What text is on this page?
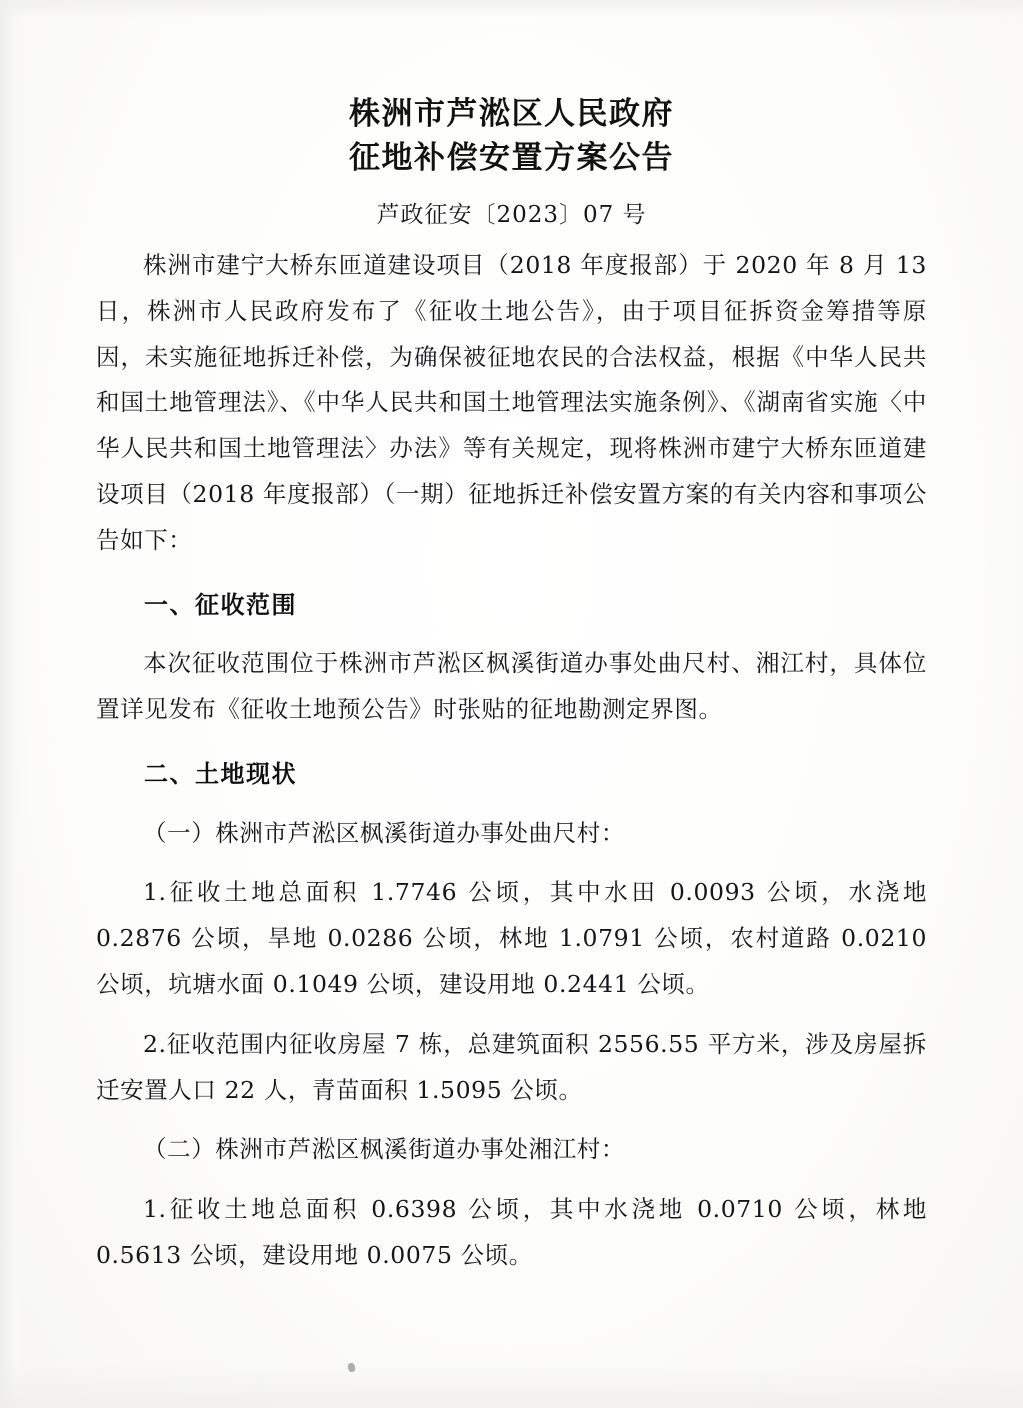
株洲市芦淞区人民政府
征地补偿安置方案公告
芦政征安〔2023〕07 号

株洲市建宁大桥东匝道建设项目（2018 年度报部）于 2020 年 8 月 13 日，株洲市人民政府发布了《征收土地公告》，由于项目征拆资金筹措等原因，未实施征地拆迁补偿，为确保被征地农民的合法权益，根据《中华人民共和国土地管理法》、《中华人民共和国土地管理法实施条例》、《湖南省实施〈中华人民共和国土地管理法〉办法》等有关规定，现将株洲市建宁大桥东匝道建设项目（2018 年度报部）（一期）征地拆迁补偿安置方案的有关内容和事项公告如下：

一、征收范围

本次征收范围位于株洲市芦淞区枫溪街道办事处曲尺村、湘江村，具体位置详见发布《征收土地预公告》时张贴的征地勘测定界图。

二、土地现状

（一）株洲市芦淞区枫溪街道办事处曲尺村：

1.征收土地总面积 1.7746 公顷，其中水田 0.0093 公顷，水浇地 0.2876 公顷，旱地 0.0286 公顷，林地 1.0791 公顷，农村道路 0.0210 公顷，坑塘水面 0.1049 公顷，建设用地 0.2441 公顷。

2.征收范围内征收房屋 7 栋，总建筑面积 2556.55 平方米，涉及房屋拆迁安置人口 22 人，青苗面积 1.5095 公顷。

（二）株洲市芦淞区枫溪街道办事处湘江村：

1.征收土地总面积 0.6398 公顷，其中水浇地 0.0710 公顷，林地 0.5613 公顷，建设用地 0.0075 公顷。
